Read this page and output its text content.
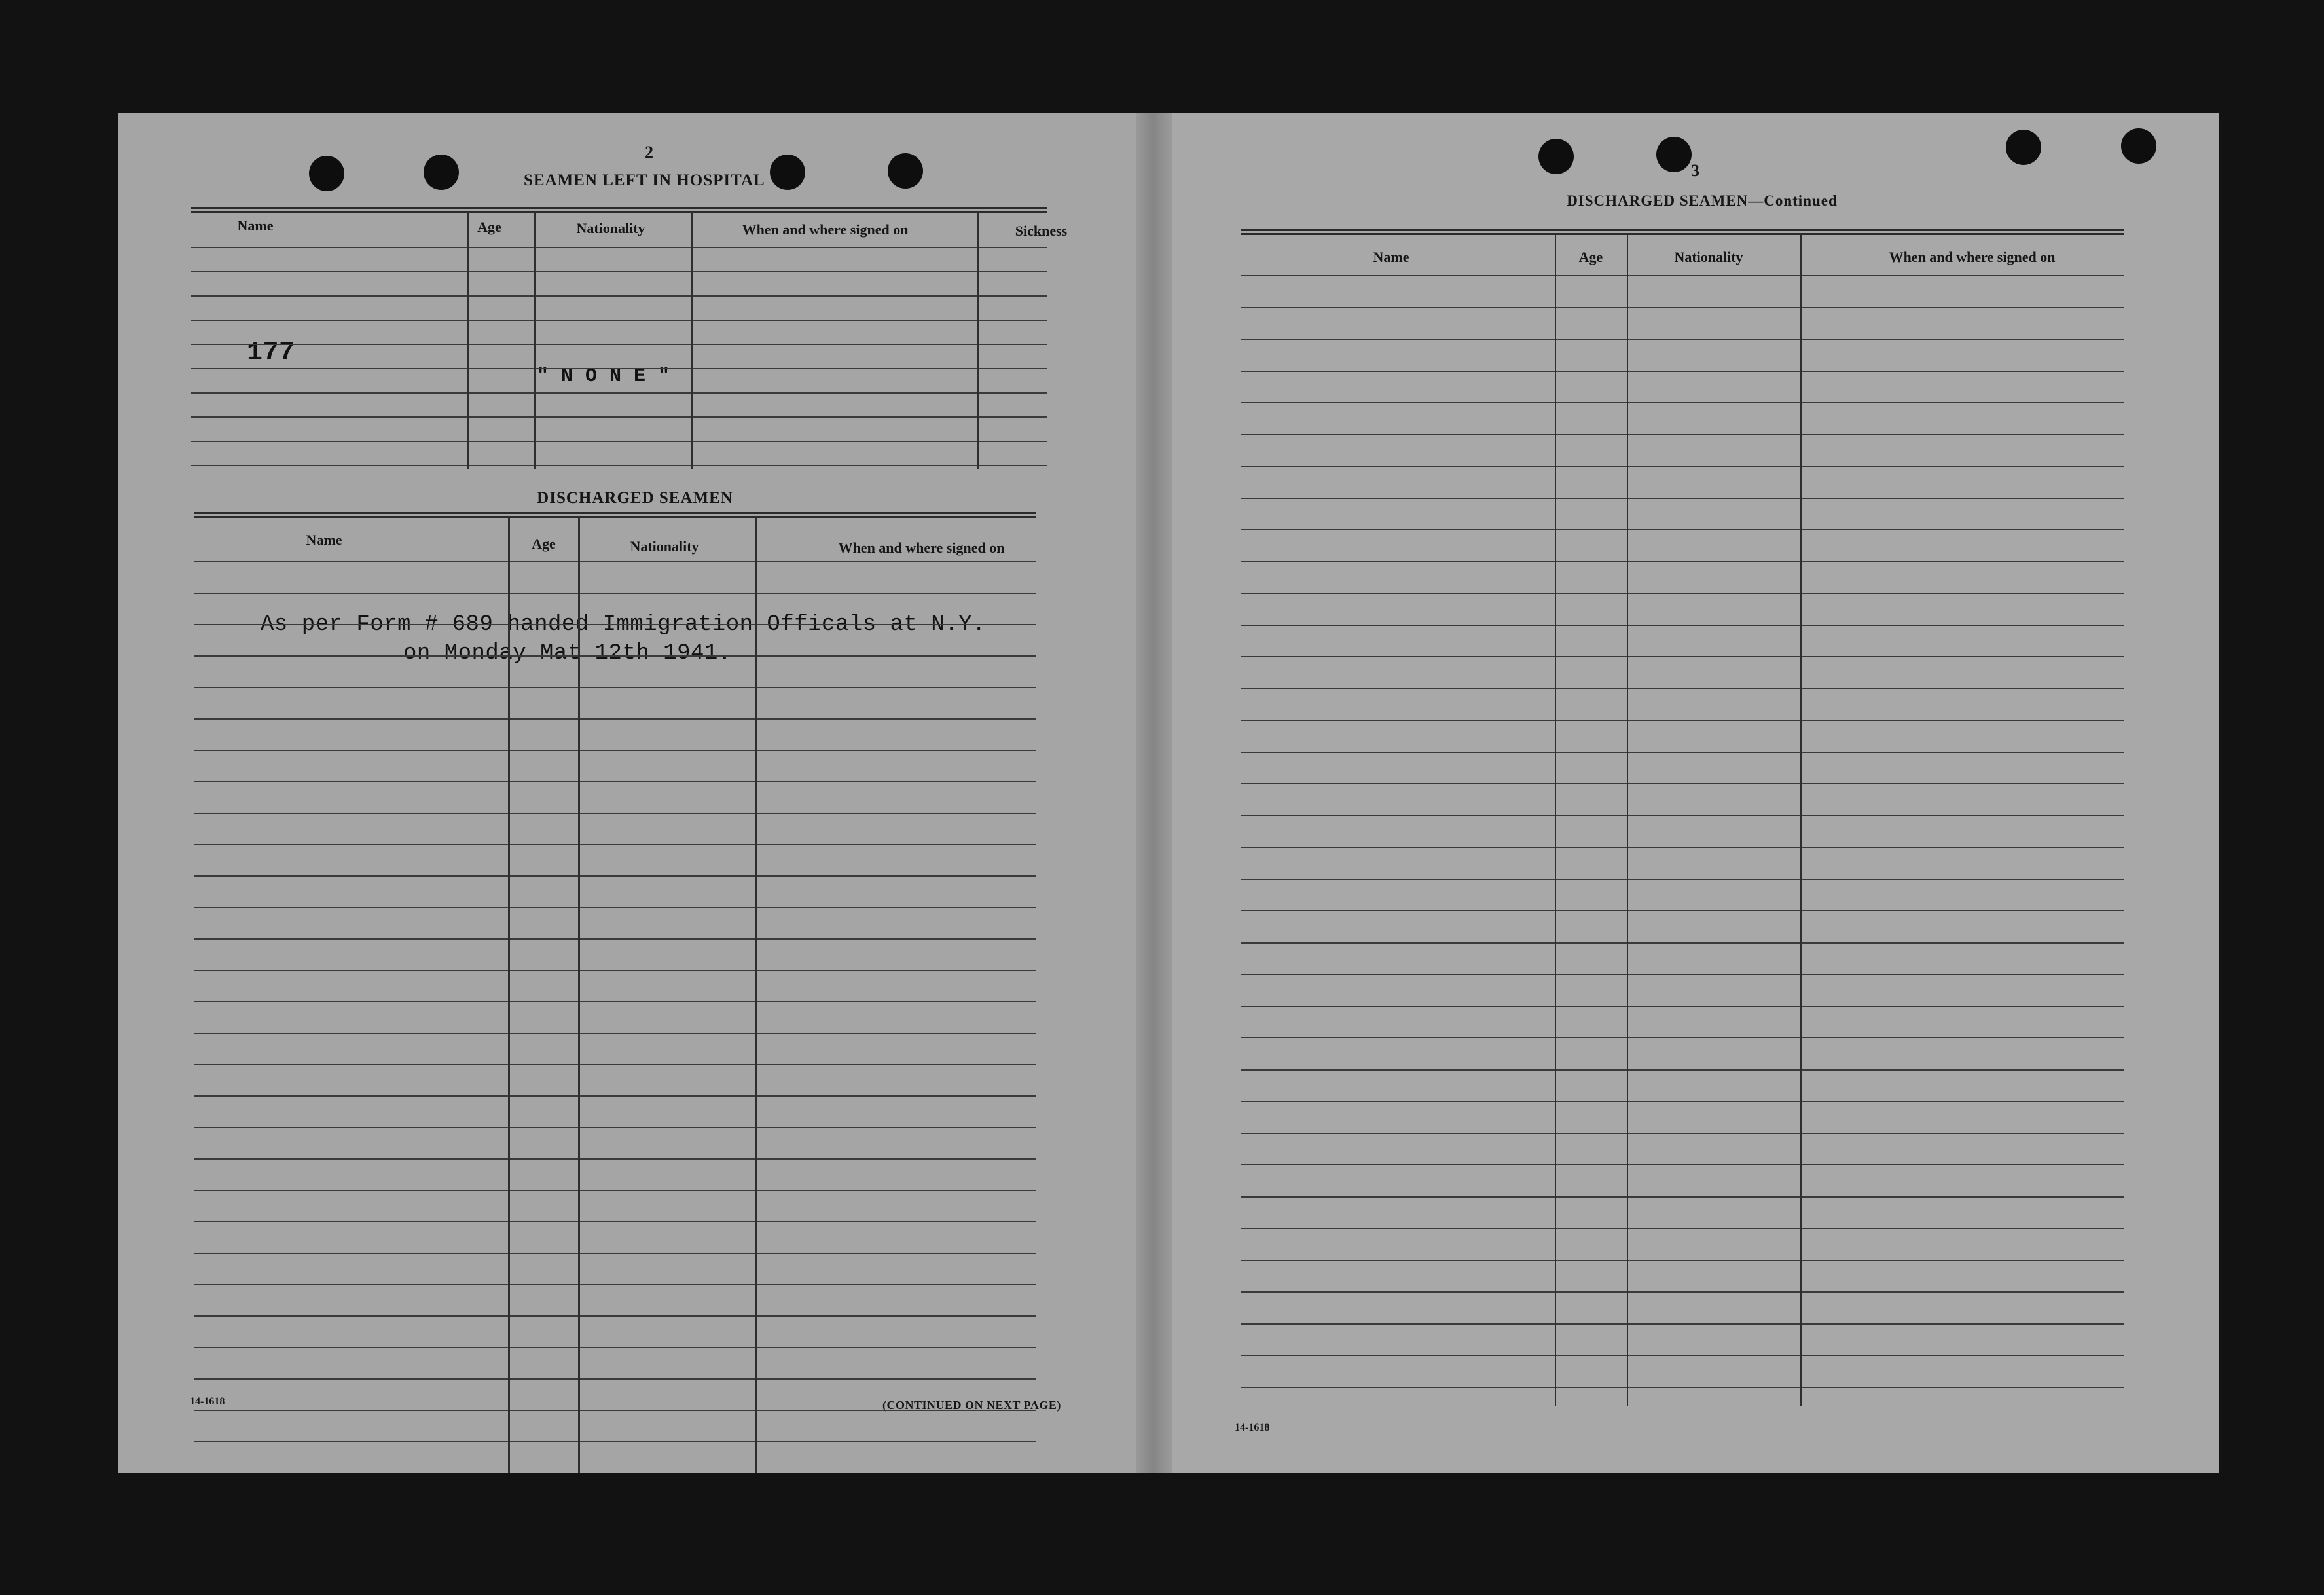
2
SEAMEN LEFT IN HOSPITAL
Name	Age	Nationality	When and where signed on	Sickness
177
" N O N E "
DISCHARGED SEAMEN
Name	Age	Nationality	When and where signed on
As per Form # 689 handed Immigration Officals at N.Y.
on Monday Mat 12th 1941.
14-1618	(CONTINUED ON NEXT PAGE)
3
DISCHARGED SEAMEN—Continued
Name	Age	Nationality	When and where signed on
14-1618
